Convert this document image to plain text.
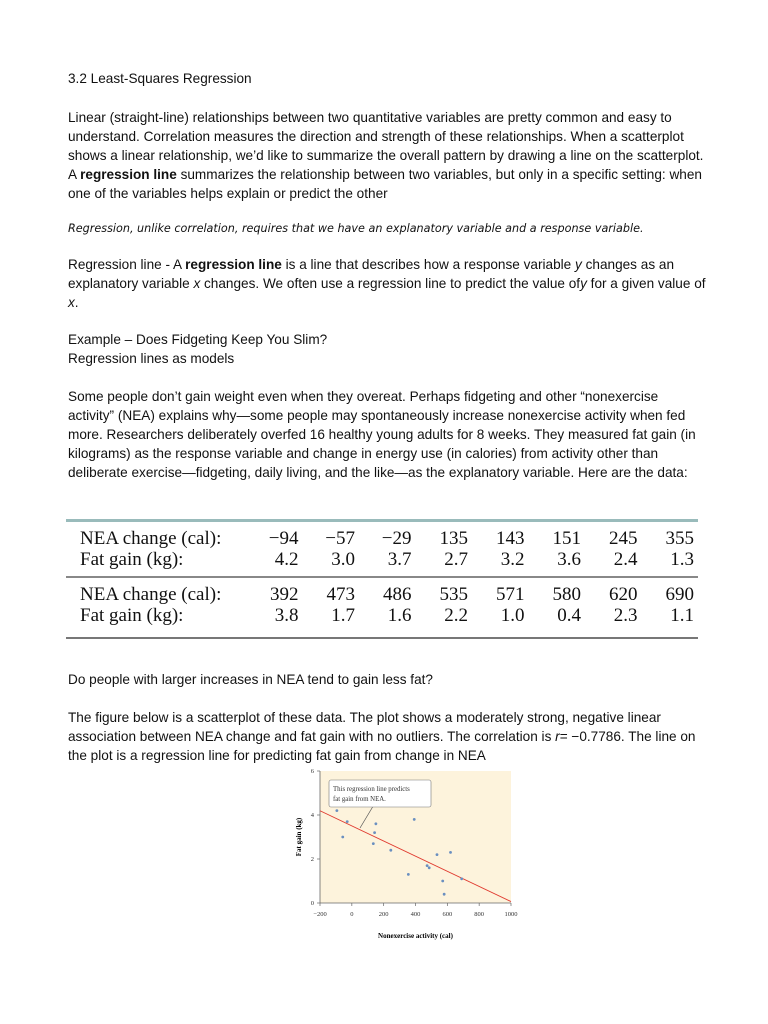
3.2 Least-Squares Regression

Linear (straight-line) relationships between two quantitative variables are pretty common and easy to understand. Correlation measures the direction and strength of these relationships. When a scatterplot shows a linear relationship, we’d like to summarize the overall pattern by drawing a line on the scatterplot. A regression line summarizes the relationship between two variables, but only in a specific setting: when one of the variables helps explain or predict the other

Regression, unlike correlation, requires that we have an explanatory variable and a response variable.

Regression line - A regression line is a line that describes how a response variable y changes as an explanatory variable x changes. We often use a regression line to predict the value ofy for a given value of x.

Example – Does Fidgeting Keep You Slim?

Regression lines as models

Some people don’t gain weight even when they overeat. Perhaps fidgeting and other “nonexercise activity” (NEA) explains why—some people may spontaneously increase nonexercise activity when fed more. Researchers deliberately overfed 16 healthy young adults for 8 weeks. They measured fat gain (in kilograms) as the response variable and change in energy use (in calories) from activity other than deliberate exercise—fidgeting, daily living, and the like—as the explanatory variable. Here are the data:

NEA change (cal):	−94	−57	−29	135	143	151	245	355
Fat gain (kg):	4.2	3.0	3.7	2.7	3.2	3.6	2.4	1.3
NEA change (cal):	392	473	486	535	571	580	620	690
Fat gain (kg):	3.8	1.7	1.6	2.2	1.0	0.4	2.3	1.1

Do people with larger increases in NEA tend to gain less fat?

The figure below is a scatterplot of these data. The plot shows a moderately strong, negative linear association between NEA change and fat gain with no outliers. The correlation is r= −0.7786. The line on the plot is a regression line for predicting fat gain from change in NEA

−200	0	200	400	600	800	1000
0
2
4
6
Nonexercise activity (cal)
Fat gain (kg)
This regression line predicts
fat gain from NEA.
